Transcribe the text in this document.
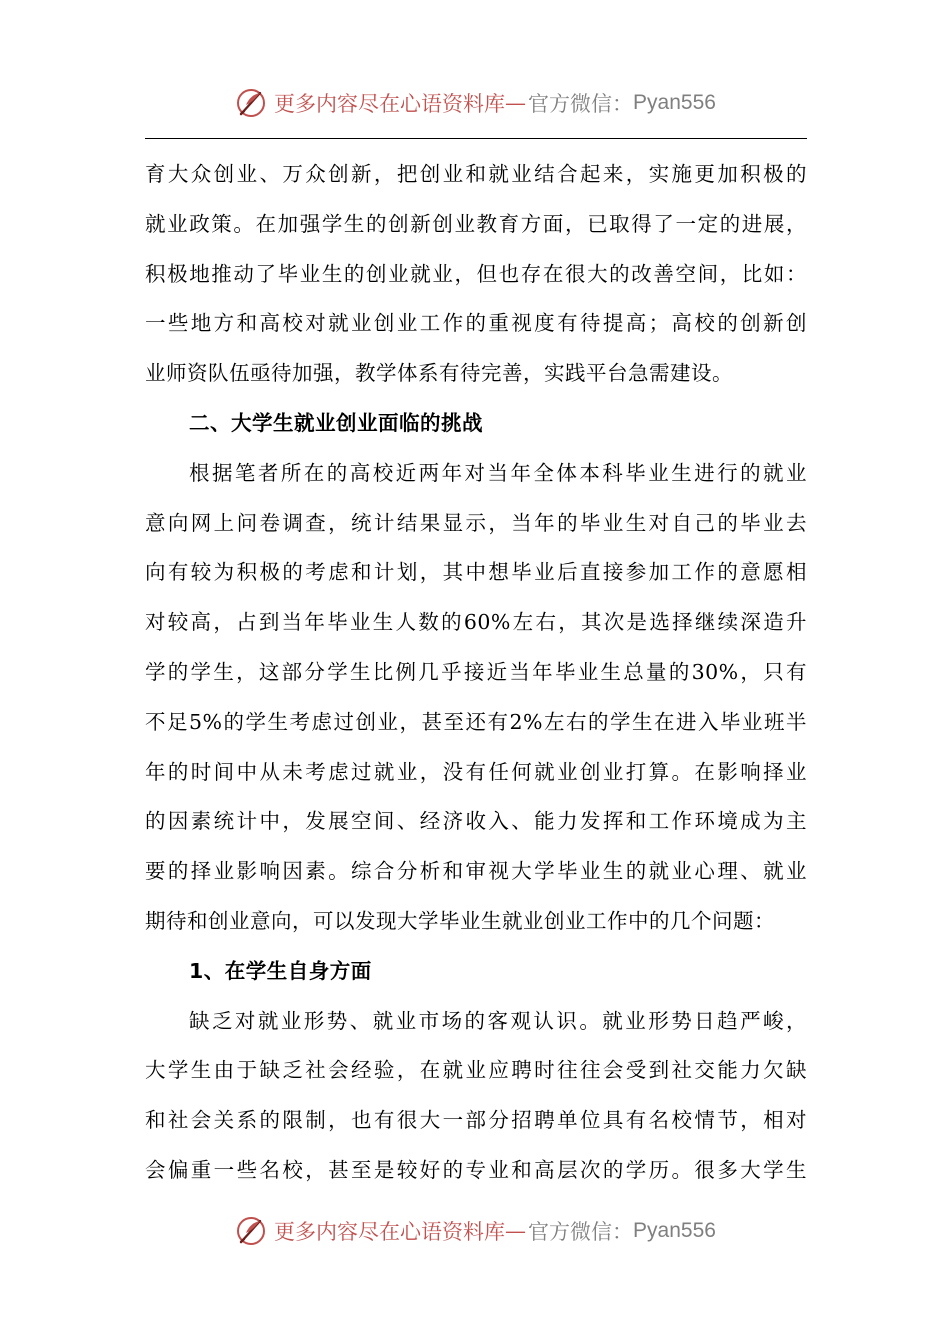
更多内容尽在心语资料库 — 官方微信： Pyan556
育大众创业、万众创新，把创业和就业结合起来，实施更加积极的
就业政策。在加强学生的创新创业教育方面，已取得了一定的进展，
积极地推动了毕业生的创业就业，但也存在很大的改善空间，比如：
一些地方和高校对就业创业工作的重视度有待提高；高校的创新创
业师资队伍亟待加强，教学体系有待完善，实践平台急需建设。
二、大学生就业创业面临的挑战
根据笔者所在的高校近两年对当年全体本科毕业生进行的就业
意向网上问卷调查，统计结果显示，当年的毕业生对自己的毕业去
向有较为积极的考虑和计划，其中想毕业后直接参加工作的意愿相
对较高，占到当年毕业生人数的60%左右，其次是选择继续深造升
学的学生，这部分学生比例几乎接近当年毕业生总量的30%，只有
不足5%的学生考虑过创业，甚至还有2%左右的学生在进入毕业班半
年的时间中从未考虑过就业，没有任何就业创业打算。在影响择业
的因素统计中，发展空间、经济收入、能力发挥和工作环境成为主
要的择业影响因素。综合分析和审视大学毕业生的就业心理、就业
期待和创业意向，可以发现大学毕业生就业创业工作中的几个问题：
1、在学生自身方面
缺乏对就业形势、就业市场的客观认识。就业形势日趋严峻，
大学生由于缺乏社会经验，在就业应聘时往往会受到社交能力欠缺
和社会关系的限制，也有很大一部分招聘单位具有名校情节，相对
会偏重一些名校，甚至是较好的专业和高层次的学历。很多大学生
更多内容尽在心语资料库 — 官方微信： Pyan556
